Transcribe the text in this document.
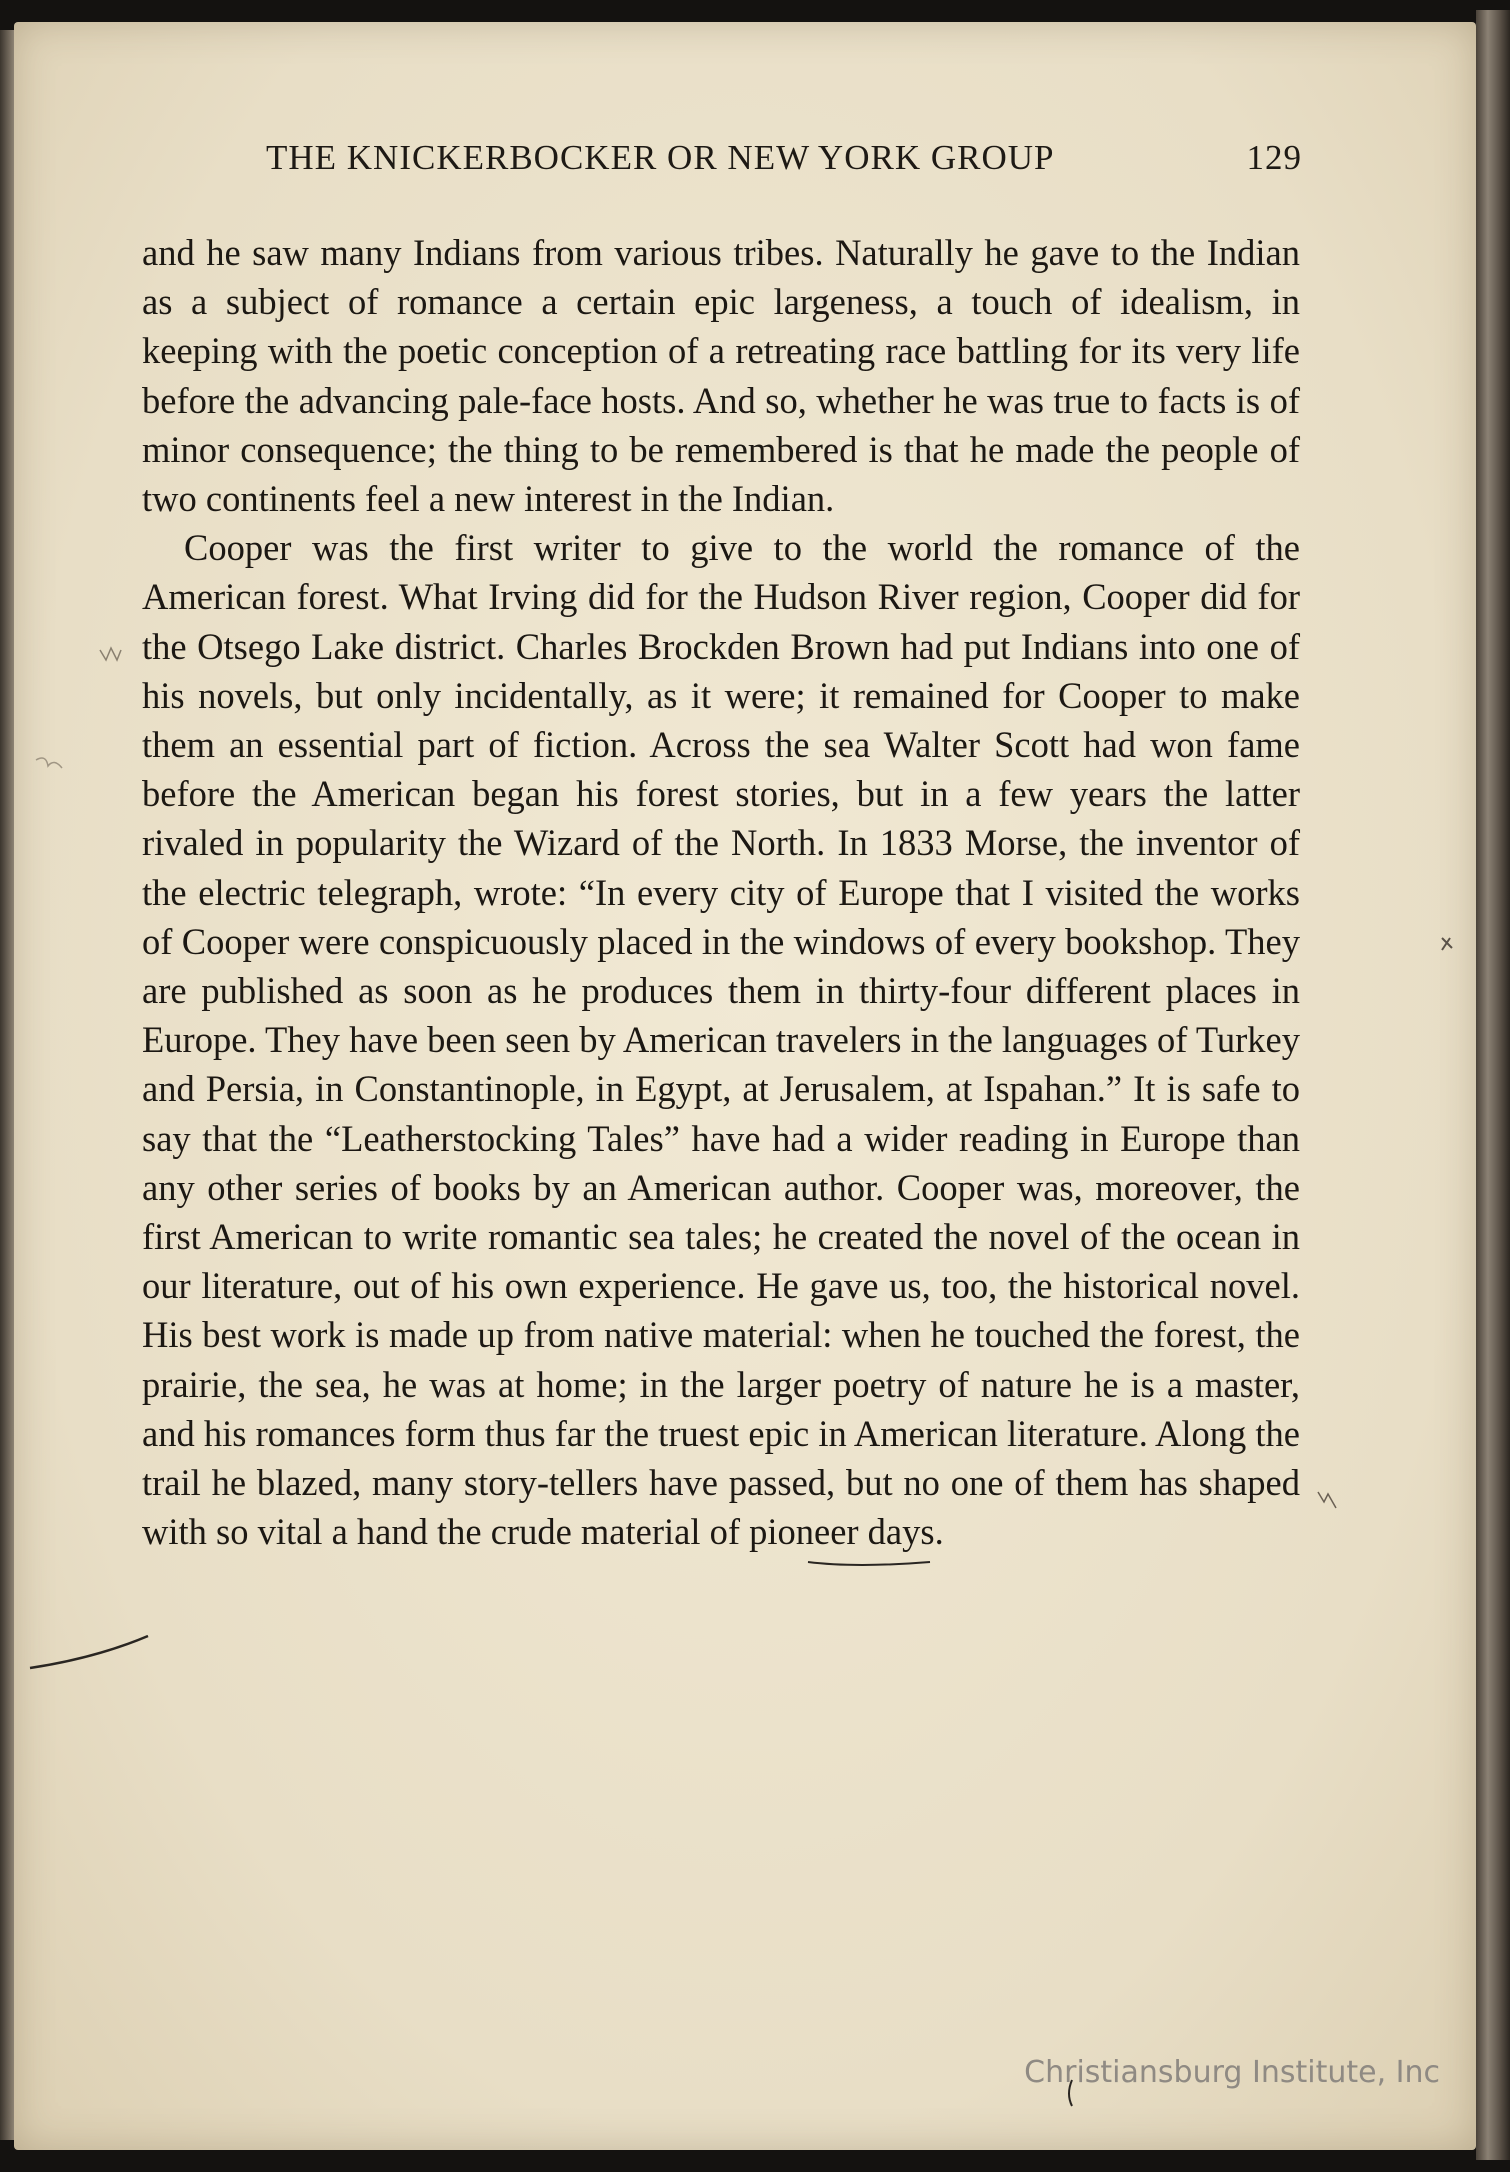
THE KNICKERBOCKER OR NEW YORK GROUP	129

and he saw many Indians from various tribes. Naturally he gave to the Indian as a subject of romance a certain epic largeness, a touch of idealism, in keeping with the poetic conception of a retreating race battling for its very life before the advancing pale-face hosts. And so, whether he was true to facts is of minor consequence; the thing to be remembered is that he made the people of two continents feel a new interest in the Indian.

Cooper was the first writer to give to the world the romance of the American forest. What Irving did for the Hudson River region, Cooper did for the Otsego Lake district. Charles Brockden Brown had put Indians into one of his novels, but only incidentally, as it were; it remained for Cooper to make them an essential part of fiction. Across the sea Walter Scott had won fame before the American began his forest stories, but in a few years the latter rivaled in popularity the Wizard of the North. In 1833 Morse, the inventor of the electric telegraph, wrote: “In every city of Europe that I visited the works of Cooper were conspicuously placed in the windows of every bookshop. They are published as soon as he produces them in thirty-four different places in Europe. They have been seen by American travelers in the languages of Turkey and Persia, in Constantinople, in Egypt, at Jerusalem, at Ispahan.” It is safe to say that the “Leatherstocking Tales” have had a wider reading in Europe than any other series of books by an American author. Cooper was, moreover, the first American to write romantic sea tales; he created the novel of the ocean in our literature, out of his own experience. He gave us, too, the historical novel. His best work is made up from native material: when he touched the forest, the prairie, the sea, he was at home; in the larger poetry of nature he is a master, and his romances form thus far the truest epic in American literature. Along the trail he blazed, many story-tellers have passed, but no one of them has shaped with so vital a hand the crude material of pioneer days.

Christiansburg Institute, Inc
